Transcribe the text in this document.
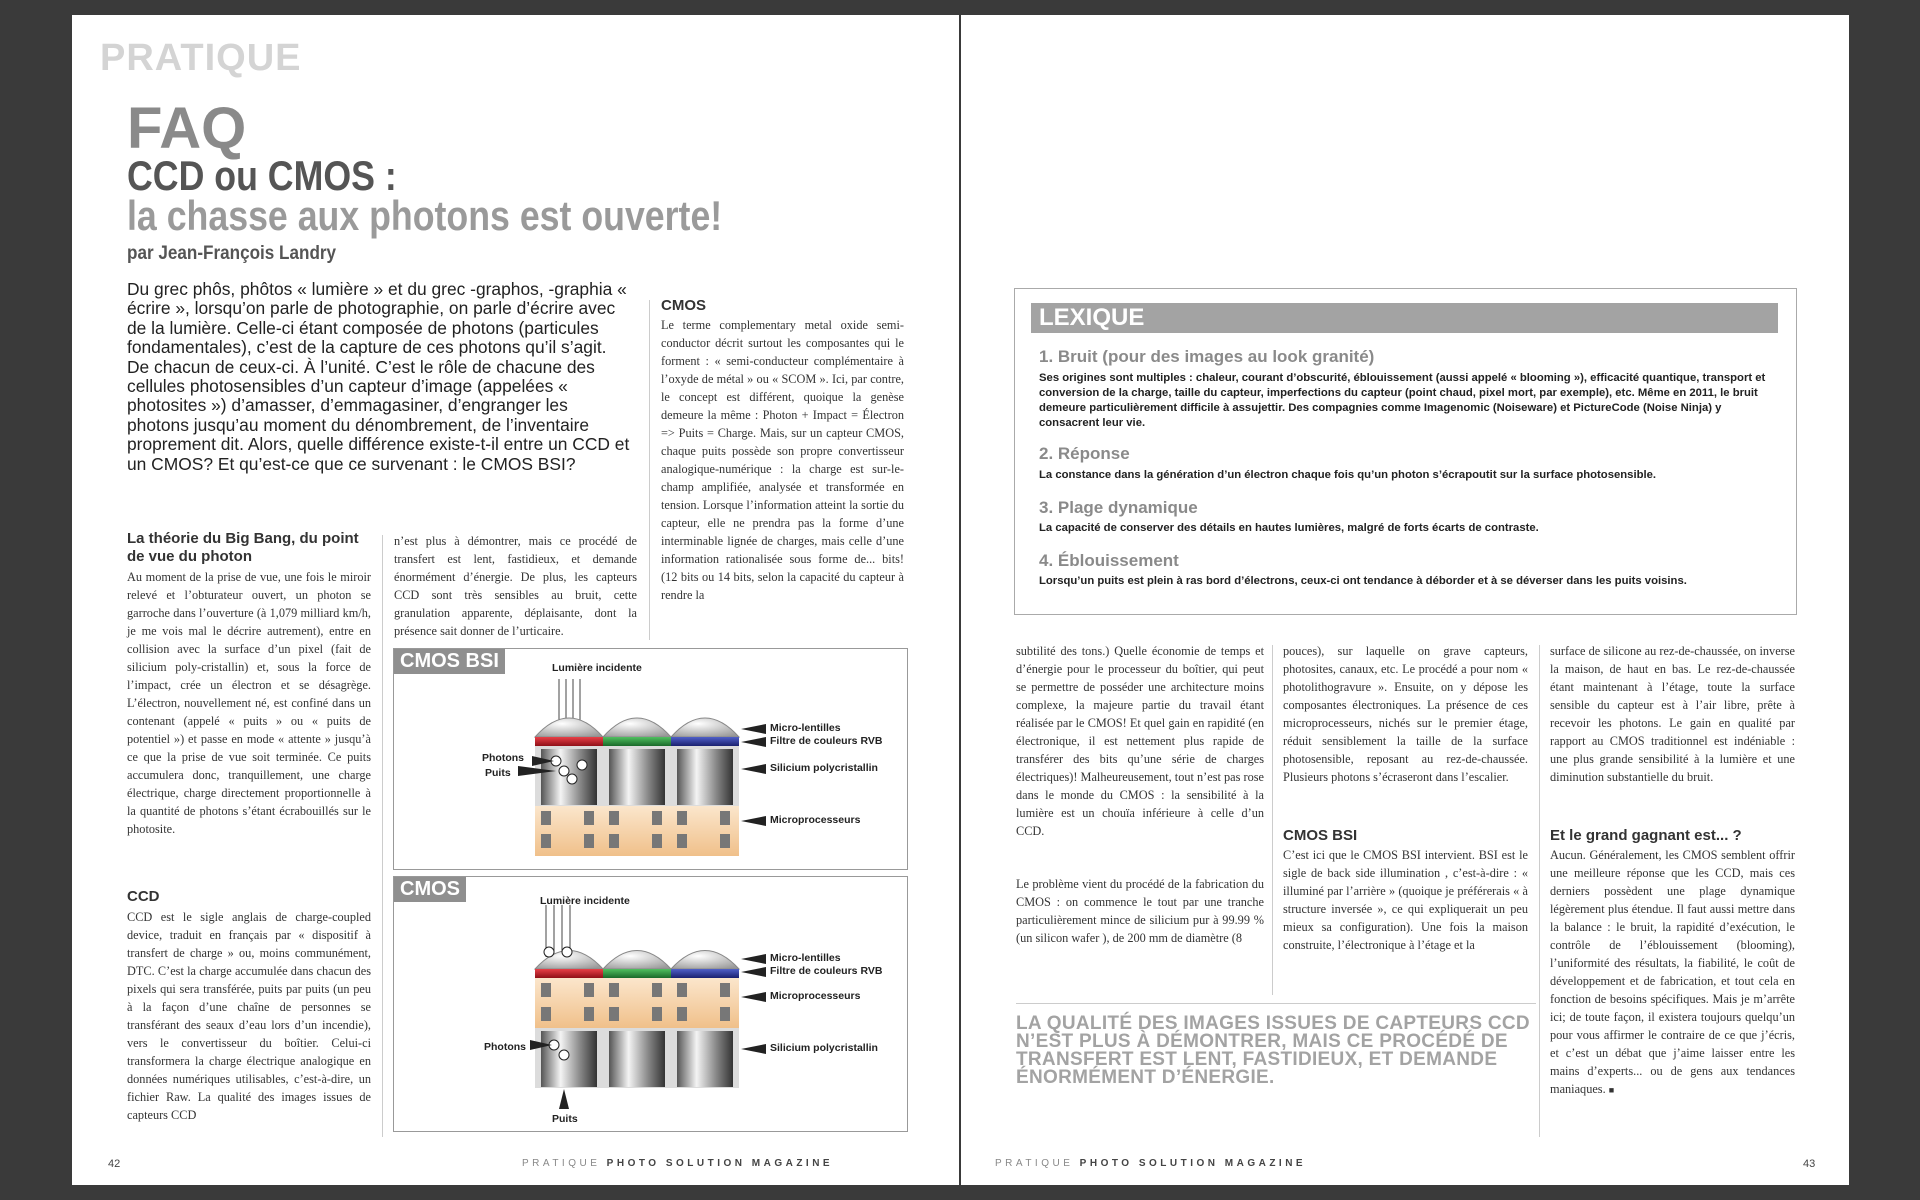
PRATIQUE
FAQ
CCD ou CMOS :
la chasse aux photons est ouverte!
par Jean-François Landry
Du grec phôs, phôtos « lumière » et du grec -graphos, -graphia « écrire », lorsqu’on parle de photographie, on parle d’écrire avec de la lumière. Celle-ci étant composée de photons (particules fondamentales), c’est de la capture de ces photons qu’il s’agit. De chacun de ceux-ci. À l’unité. C’est le rôle de chacune des cellules photosensibles d’un capteur d’image (appelées « photosites ») d’amasser, d’emmagasiner, d’engranger les photons jusqu’au moment du dénombrement, de l’inventaire proprement dit. Alors, quelle différence existe-t-il entre un CCD et un CMOS? Et qu’est-ce que ce survenant : le CMOS BSI?
La théorie du Big Bang, du point de vue du photon
Au moment de la prise de vue, une fois le miroir relevé et l’obturateur ouvert, un photon se garroche dans l’ouverture (à 1,079 milliard km/h, je me vois mal le décrire autrement), entre en collision avec la surface d’un pixel (fait de silicium poly-cristallin) et, sous la force de l’impact, crée un électron et se désagrège. L’électron, nouvellement né, est confiné dans un contenant (appelé « puits » ou « puits de potentiel ») et passe en mode « attente » jusqu’à ce que la prise de vue soit terminée. Ce puits accumulera donc, tranquillement, une charge électrique, charge directement proportionnelle à la quantité de photons s’étant écrabouillés sur le photosite.
CCD
CCD est le sigle anglais de charge-coupled device, traduit en français par « dispositif à transfert de charge » ou, moins communément, DTC. C’est la charge accumulée dans chacun des pixels qui sera transférée, puits par puits (un peu à la façon d’une chaîne de personnes se transférant des seaux d’eau lors d’un incendie), vers le convertisseur du boîtier. Celui-ci transformera la charge électrique analogique en données numériques utilisables, c’est-à-dire, un fichier Raw. La qualité des images issues de capteurs CCD
n’est plus à démontrer, mais ce procédé de transfert est lent, fastidieux, et demande énormément d’énergie. De plus, les capteurs CCD sont très sensibles au bruit, cette granulation apparente, déplaisante, dont la présence sait donner de l’urticaire.
CMOS
Le terme complementary metal oxide semi-conductor décrit surtout les composantes qui le forment : « semi-conducteur complémentaire à l’oxyde de métal » ou « SCOM ». Ici, par contre, le concept est différent, quoique la genèse demeure la même : Photon + Impact = Électron => Puits = Charge. Mais, sur un capteur CMOS, chaque puits possède son propre convertisseur analogique-numérique : la charge est sur-le-champ amplifiée, analysée et transformée en tension. Lorsque l’information atteint la sortie du capteur, elle ne prendra pas la forme d’une interminable lignée de charges, mais celle d’une information rationalisée sous forme de... bits! (12 bits ou 14 bits, selon la capacité du capteur à rendre la
CMOS BSI	Lumière incidente
Micro-lentilles
Filtre de couleurs RVB
Silicium polycristallin
Photons
Puits
Microprocesseurs
CMOS
Lumière incidente
Micro-lentilles
Filtre de couleurs RVB
Microprocesseurs
Photons	Silicium polycristallin
Puits
42	PRATIQUE PHOTO SOLUTION MAGAZINE
LEXIQUE
1. Bruit (pour des images au look granité)
Ses origines sont multiples : chaleur, courant d’obscurité, éblouissement (aussi appelé « blooming »), efficacité quantique, transport et conversion de la charge, taille du capteur, imperfections du capteur (point chaud, pixel mort, par exemple), etc. Même en 2011, le bruit demeure particulièrement difficile à assujettir. Des compagnies comme Imagenomic (Noiseware) et PictureCode (Noise Ninja) y consacrent leur vie.
2. Réponse
La constance dans la génération d’un électron chaque fois qu’un photon s’écrapoutit sur la surface photosensible.
3. Plage dynamique
La capacité de conserver des détails en hautes lumières, malgré de forts écarts de contraste.
4. Éblouissement
Lorsqu’un puits est plein à ras bord d’électrons, ceux-ci ont tendance à déborder et à se déverser dans les puits voisins.
subtilité des tons.) Quelle économie de temps et d’énergie pour le processeur du boîtier, qui peut se permettre de posséder une architecture moins complexe, la majeure partie du travail étant réalisée par le CMOS! Et quel gain en rapidité (en électronique, il est nettement plus rapide de transférer des bits qu’une série de charges électriques)! Malheureusement, tout n’est pas rose dans le monde du CMOS : la sensibilité à la lumière est un chouïa inférieure à celle d’un CCD.
Le problème vient du procédé de la fabrication du CMOS : on commence le tout par une tranche particulièrement mince de silicium pur à 99.99 % (un silicon wafer ), de 200 mm de diamètre (8
pouces), sur laquelle on grave capteurs, photosites, canaux, etc. Le procédé a pour nom « photolithogravure ». Ensuite, on y dépose les composantes électroniques. La présence de ces microprocesseurs, nichés sur le premier étage, réduit sensiblement la taille de la surface photosensible, reposant au rez-de-chaussée. Plusieurs photons s’écraseront dans l’escalier.
CMOS BSI
C’est ici que le CMOS BSI intervient. BSI est le sigle de back side illumination , c’est-à-dire : « illuminé par l’arrière » (quoique je préférerais « à structure inversée », ce qui expliquerait un peu mieux sa configuration). Une fois la maison construite, l’électronique à l’étage et la
LA QUALITÉ DES IMAGES ISSUES DE CAPTEURS CCD N’EST PLUS À DÉMONTRER, MAIS CE PROCÉDÉ DE TRANSFERT EST LENT, FASTIDIEUX, ET DEMANDE ÉNORMÉMENT D’ÉNERGIE.
surface de silicone au rez-de-chaussée, on inverse la maison, de haut en bas. Le rez-de-chaussée étant maintenant à l’étage, toute la surface sensible du capteur est à l’air libre, prête à recevoir les photons. Le gain en qualité par rapport au CMOS traditionnel est indéniable : une plus grande sensibilité à la lumière et une diminution substantielle du bruit.
Et le grand gagnant est... ?
Aucun. Généralement, les CMOS semblent offrir une meilleure réponse que les CCD, mais ces derniers possèdent une plage dynamique légèrement plus étendue. Il faut aussi mettre dans la balance : le bruit, la rapidité d’exécution, le contrôle de l’éblouissement (blooming), l’uniformité des résultats, la fiabilité, le coût de développement et de fabrication, et tout cela en fonction de besoins spécifiques. Mais je m’arrête ici; de toute façon, il existera toujours quelqu’un pour vous affirmer le contraire de ce que j’écris, et c’est un débat que j’aime laisser entre les mains d’experts... ou de gens aux tendances maniaques. ■
PRATIQUE PHOTO SOLUTION MAGAZINE	43
